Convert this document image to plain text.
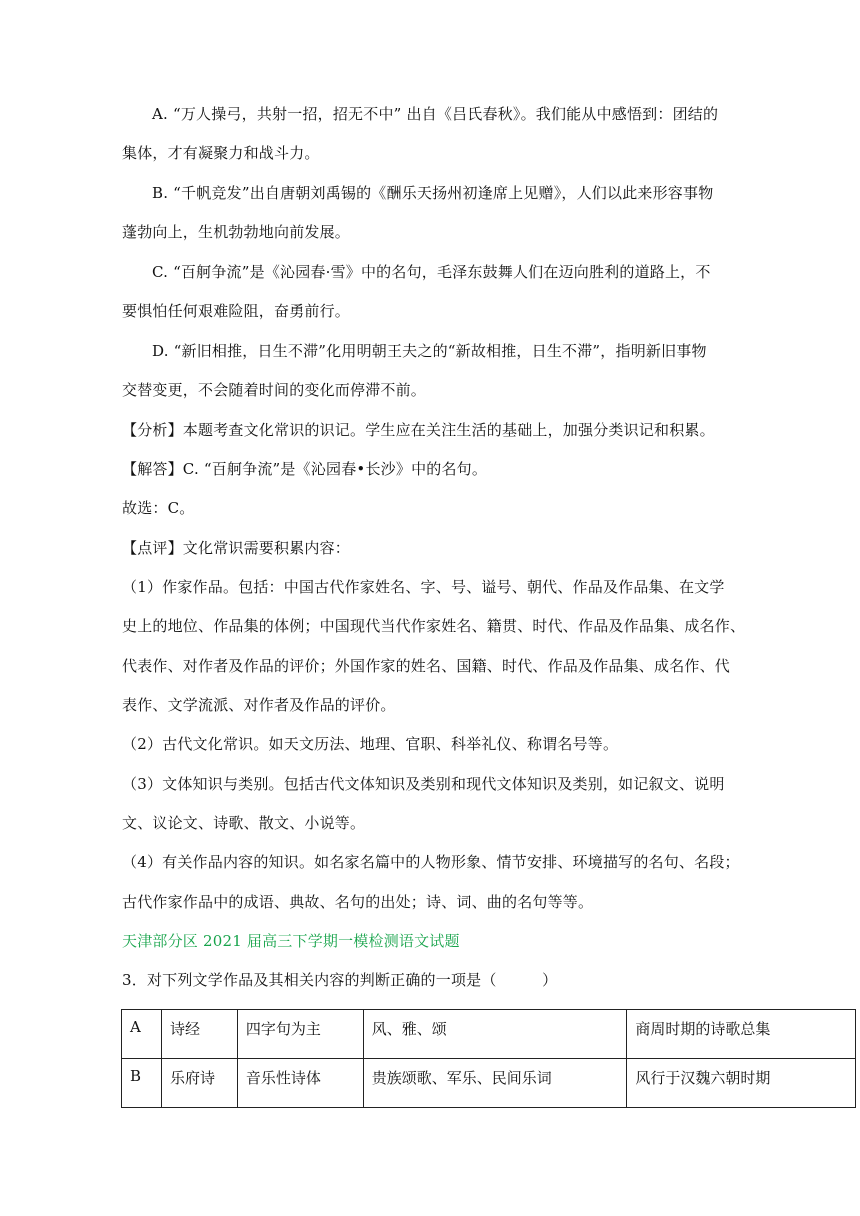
A. “万人操弓，共射一招，招无不中” 出自《吕氏春秋》。我们能从中感悟到：团结的
集体，才有凝聚力和战斗力。
B. “千帆竞发”出自唐朝刘禹锡的《酬乐天扬州初逢席上见赠》，人们以此来形容事物
蓬勃向上，生机勃勃地向前发展。
C. “百舸争流”是《沁园春·雪》中的名句，毛泽东鼓舞人们在迈向胜利的道路上，不
要惧怕任何艰难险阻，奋勇前行。
D. “新旧相推，日生不滞”化用明朝王夫之的“新故相推，日生不滞”，指明新旧事物
交替变更，不会随着时间的变化而停滞不前。
【分析】本题考查文化常识的识记。学生应在关注生活的基础上，加强分类识记和积累。
【解答】C. “百舸争流”是《沁园春•长沙》中的名句。
故选：C。
【点评】文化常识需要积累内容：
（1）作家作品。包括：中国古代作家姓名、字、号、谥号、朝代、作品及作品集、在文学
史上的地位、作品集的体例；中国现代当代作家姓名、籍贯、时代、作品及作品集、成名作、
代表作、对作者及作品的评价；外国作家的姓名、国籍、时代、作品及作品集、成名作、代
表作、文学流派、对作者及作品的评价。
（2）古代文化常识。如天文历法、地理、官职、科举礼仪、称谓名号等。
（3）文体知识与类别。包括古代文体知识及类别和现代文体知识及类别，如记叙文、说明
文、议论文、诗歌、散文、小说等。
（4）有关作品内容的知识。如名家名篇中的人物形象、情节安排、环境描写的名句、名段；
古代作家作品中的成语、典故、名句的出处；诗、词、曲的名句等等。
天津部分区 2021 届高三下学期一模检测语文试题
3．对下列文学作品及其相关内容的判断正确的一项是（　　　）
A	诗经	四字句为主	风、雅、颂	商周时期的诗歌总集
B	乐府诗	音乐性诗体	贵族颂歌、军乐、民间乐词	风行于汉魏六朝时期
